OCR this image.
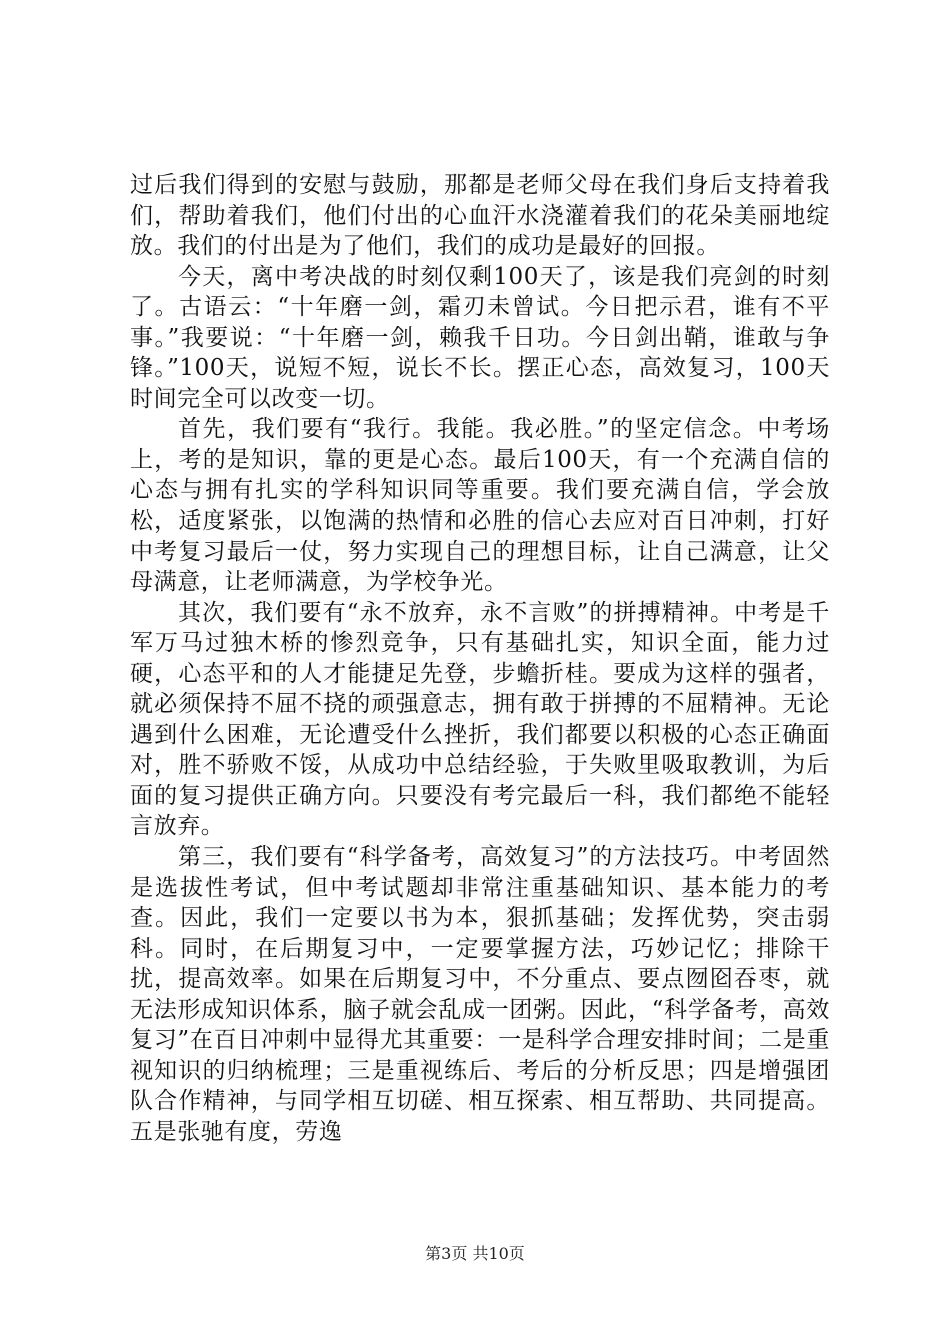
过后我们得到的安慰与鼓励，那都是老师父母在我们身后支持着我们，帮助着我们，他们付出的心血汗水浇灌着我们的花朵美丽地绽放。我们的付出是为了他们，我们的成功是最好的回报。

今天，离中考决战的时刻仅剩100天了，该是我们亮剑的时刻了。古语云：“十年磨一剑，霜刃未曾试。今日把示君，谁有不平事。”我要说：“十年磨一剑，赖我千日功。今日剑出鞘，谁敢与争锋。”100天，说短不短，说长不长。摆正心态，高效复习，100天时间完全可以改变一切。

首先，我们要有“我行。我能。我必胜。”的坚定信念。中考场上，考的是知识，靠的更是心态。最后100天，有一个充满自信的心态与拥有扎实的学科知识同等重要。我们要充满自信，学会放松，适度紧张，以饱满的热情和必胜的信心去应对百日冲刺，打好中考复习最后一仗，努力实现自己的理想目标，让自己满意，让父母满意，让老师满意，为学校争光。

其次，我们要有“永不放弃，永不言败”的拼搏精神。中考是千军万马过独木桥的惨烈竞争，只有基础扎实，知识全面，能力过硬，心态平和的人才能捷足先登，步蟾折桂。要成为这样的强者，就必须保持不屈不挠的顽强意志，拥有敢于拼搏的不屈精神。无论遇到什么困难，无论遭受什么挫折，我们都要以积极的心态正确面对，胜不骄败不馁，从成功中总结经验，于失败里吸取教训，为后面的复习提供正确方向。只要没有考完最后一科，我们都绝不能轻言放弃。

第三，我们要有“科学备考，高效复习”的方法技巧。中考固然是选拔性考试，但中考试题却非常注重基础知识、基本能力的考查。因此，我们一定要以书为本，狠抓基础；发挥优势，突击弱科。同时，在后期复习中，一定要掌握方法，巧妙记忆；排除干扰，提高效率。如果在后期复习中，不分重点、要点囫囵吞枣，就无法形成知识体系，脑子就会乱成一团粥。因此，“科学备考，高效复习”在百日冲刺中显得尤其重要：一是科学合理安排时间；二是重视知识的归纳梳理；三是重视练后、考后的分析反思；四是增强团队合作精神，与同学相互切磋、相互探索、相互帮助、共同提高。五是张驰有度，劳逸

第3页 共10页
